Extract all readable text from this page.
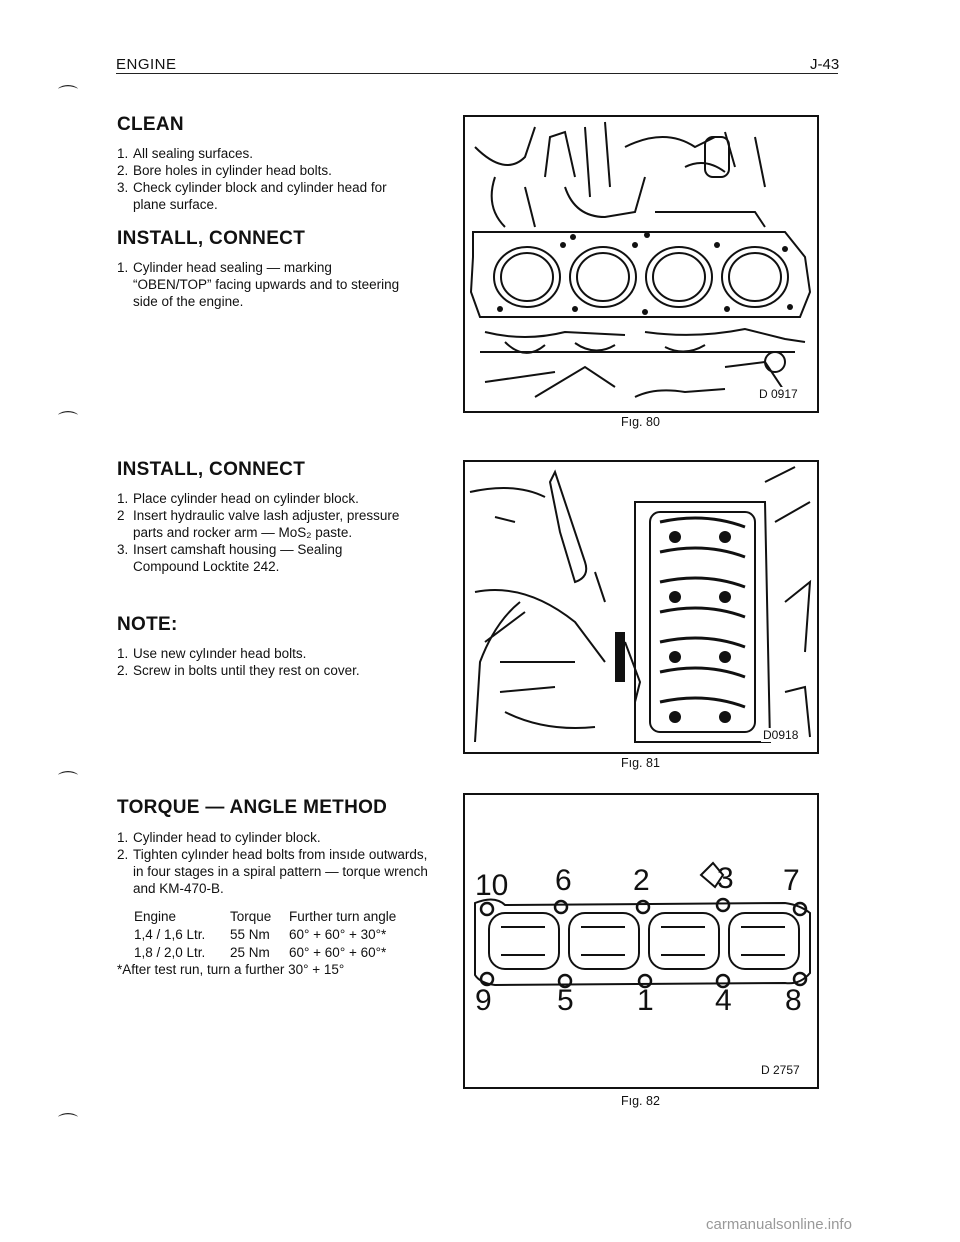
ENGINE	J-43
⌒
⌒
⌒
⌒
CLEAN
1. All sealing surfaces.
2. Bore holes in cylinder head bolts.
3. Check cylinder block and cylinder head for plane surface.
INSTALL, CONNECT
1. Cylinder head sealing — marking “OBEN/TOP” facing upwards and to steering side of the engine.
INSTALL, CONNECT
1. Place cylinder head on cylinder block.
2 Insert hydraulic valve lash adjuster, pressure parts and rocker arm — MoS₂ paste.
3. Insert camshaft housing — Sealing Compound Locktite 242.
NOTE:
1. Use new cylınder head bolts.
2. Screw in bolts until they rest on cover.
TORQUE — ANGLE METHOD
1. Cylinder head to cylinder block.
2. Tighten cylınder head bolts from insıde outwards, in four stages in a spiral pattern — torque wrench and KM-470-B.
Engine	Torque Further turn angle
1,4 / 1,6 Ltr. 55 Nm 60° + 60° + 30°*
1,8 / 2,0 Ltr. 25 Nm 60° + 60° + 60°*
*After test run, turn a further 30° + 15°
D 0917
Fıg. 80
D0918
Fıg. 81
10 6 2 3 7
9 5 1 4 8
D 2757
Fıg. 82
carmanualsonline.info
